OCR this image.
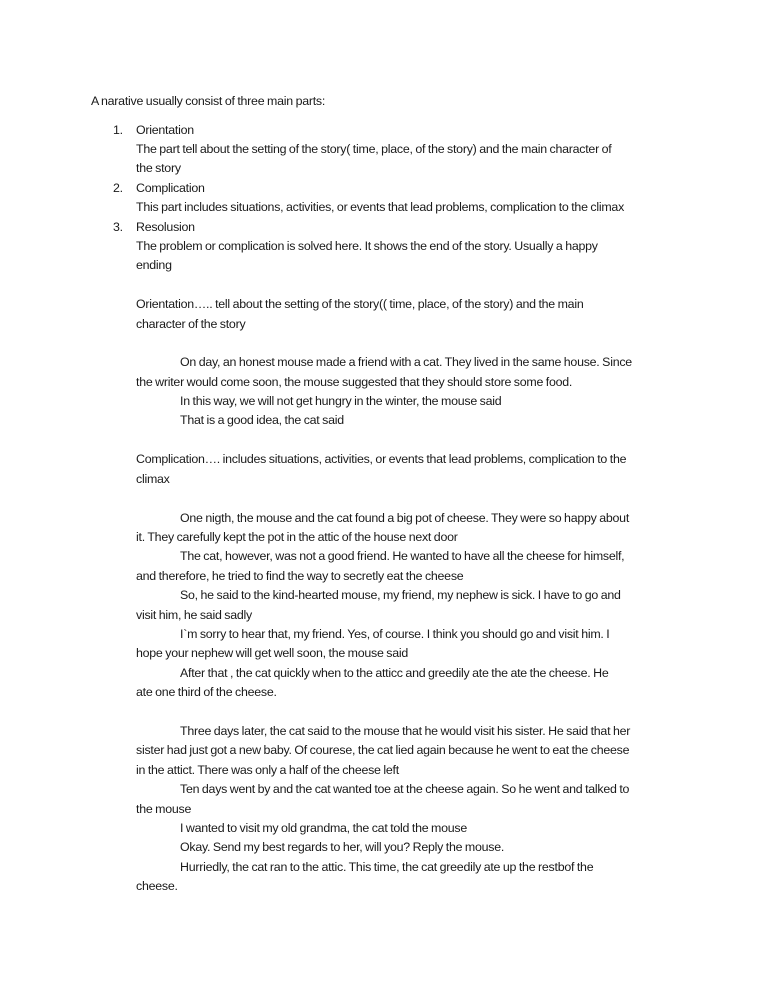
A narative usually consist of three main parts:
1. Orientation
The part tell about the setting of the story( time, place, of the story) and the main character of
the story
2. Complication
This part includes situations, activities, or events that lead problems, complication to the climax
3. Resolusion
The problem or complication is solved here. It shows the end of the story. Usually a happy
ending
Orientation….. tell about the setting of the story(( time, place, of the story) and the main
character of the story
On day, an honest mouse made a friend with a cat. They lived in the same house. Since
the writer would come soon, the mouse suggested that they should store some food.
In this way, we will not get hungry in the winter, the mouse said
That is a good idea, the cat said
Complication…. includes situations, activities, or events that lead problems, complication to the
climax
One nigth, the mouse and the cat found a big pot of cheese. They were so happy about
it. They carefully kept the pot in the attic of the house next door
The cat, however, was not a good friend. He wanted to have all the cheese for himself,
and therefore, he tried to find the way to secretly eat the cheese
So, he said to the kind-hearted mouse, my friend, my nephew is sick. I have to go and
visit him, he said sadly
I`m sorry to hear that, my friend. Yes, of course. I think you should go and visit him. I
hope your nephew will get well soon, the mouse said
After that , the cat quickly when to the atticc and greedily ate the ate the cheese. He
ate one third of the cheese.
Three days later, the cat said to the mouse that he would visit his sister. He said that her
sister had just got a new baby. Of courese, the cat lied again because he went to eat the cheese
in the attict. There was only a half of the cheese left
Ten days went by and the cat wanted toe at the cheese again. So he went and talked to
the mouse
I wanted to visit my old grandma, the cat told the mouse
Okay. Send my best regards to her, will you? Reply the mouse.
Hurriedly, the cat ran to the attic. This time, the cat greedily ate up the restbof the
cheese.
